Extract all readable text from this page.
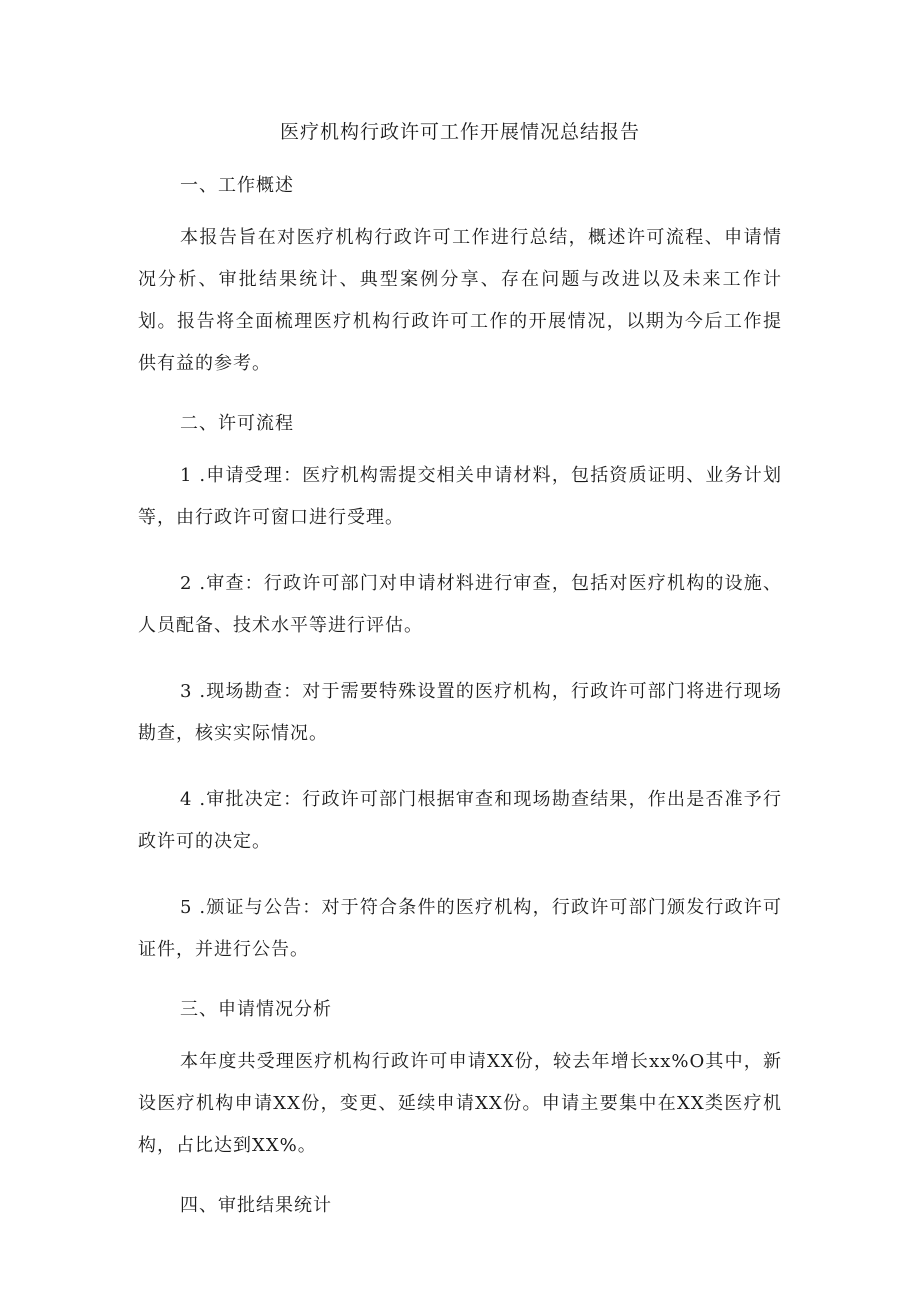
医疗机构行政许可工作开展情况总结报告
一、工作概述

本报告旨在对医疗机构行政许可工作进行总结，概述许可流程、申请情况分析、审批结果统计、典型案例分享、存在问题与改进以及未来工作计划。报告将全面梳理医疗机构行政许可工作的开展情况，以期为今后工作提供有益的参考。

二、许可流程

1 .申请受理：医疗机构需提交相关申请材料，包括资质证明、业务计划等，由行政许可窗口进行受理。

2 .审查：行政许可部门对申请材料进行审查，包括对医疗机构的设施、人员配备、技术水平等进行评估。

3 .现场勘查：对于需要特殊设置的医疗机构，行政许可部门将进行现场勘查，核实实际情况。

4 .审批决定：行政许可部门根据审查和现场勘查结果，作出是否准予行政许可的决定。

5 .颁证与公告：对于符合条件的医疗机构，行政许可部门颁发行政许可证件，并进行公告。

三、申请情况分析

本年度共受理医疗机构行政许可申请XX份，较去年增长xx%O其中，新设医疗机构申请XX份，变更、延续申请XX份。申请主要集中在XX类医疗机构，占比达到XX%。

四、审批结果统计
